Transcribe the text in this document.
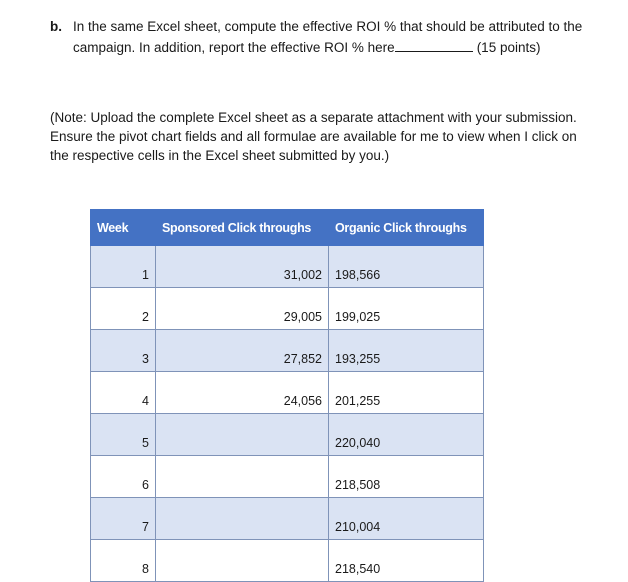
b. In the same Excel sheet, compute the effective ROI % that should be attributed to the
campaign. In addition, report the effective ROI % here	(15 points)
(Note: Upload the complete Excel sheet as a separate attachment with your submission.
Ensure the pivot chart fields and all formulae are available for me to view when I click on
the respective cells in the Excel sheet submitted by you.)
Week	Sponsored Click throughs	Organic Click throughs
1	31,002	198,566
2	29,005	199,025
3	27,852	193,255
4	24,056	201,255
5		220,040
6		218,508
7		210,004
8		218,540
